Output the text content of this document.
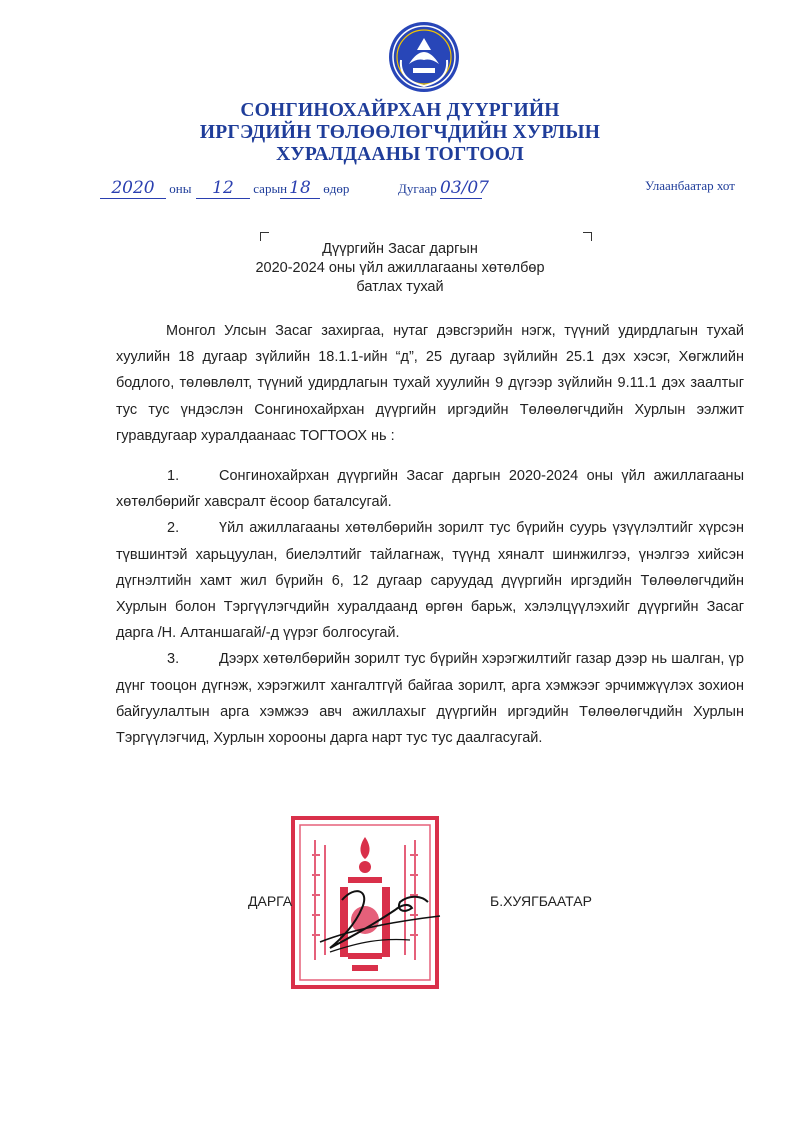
СОНГИНОХАЙРХАН ДҮҮРГИЙН
ИРГЭДИЙН ТӨЛӨӨЛӨГЧДИЙН ХУРЛЫН
ХУРАЛДААНЫ ТОГТООЛ
2020 оны	12 сарын 18 өдөр	Дугаар 03/07	Улаанбаатар хот
Дүүргийн Засаг даргын
2020-2024 оны үйл ажиллагааны хөтөлбөр
батлах тухай

Монгол Улсын Засаг захиргаа, нутаг дэвсгэрийн нэгж, түүний удирдлагын тухай хуулийн 18 дугаар зүйлийн 18.1.1-ийн “д”, 25 дугаар зүйлийн 25.1 дэх хэсэг, Хөгжлийн бодлого, төлөвлөлт, түүний удирдлагын тухай хуулийн 9 дүгээр зүйлийн 9.11.1 дэх заалтыг тус тус үндэслэн Сонгинохайрхан дүүргийн иргэдийн Төлөөлөгчдийн Хурлын ээлжит гуравдугаар хуралдаанаас ТОГТООХ нь :

1.	Сонгинохайрхан дүүргийн Засаг даргын 2020-2024 оны үйл ажиллагааны хөтөлбөрийг хавсралт ёсоор баталсугай.

2.	Үйл ажиллагааны хөтөлбөрийн зорилт тус бүрийн суурь үзүүлэлтийг хүрсэн түвшинтэй харьцуулан, биелэлтийг тайлагнаж, түүнд хяналт шинжилгээ, үнэлгээ хийсэн дүгнэлтийн хамт жил бүрийн 6, 12 дугаар саруудад дүүргийн иргэдийн Төлөөлөгчдийн Хурлын болон Тэргүүлэгчдийн хуралдаанд өргөн барьж, хэлэлцүүлэхийг дүүргийн Засаг дарга /Н. Алтаншагай/-д үүрэг болгосугай.

3.	Дээрх хөтөлбөрийн зорилт тус бүрийн хэрэгжилтийг газар дээр нь шалган, үр дүнг тооцон дүгнэж, хэрэгжилт хангалтгүй байгаа зорилт, арга хэмжээг эрчимжүүлэх зохион байгуулалтын арга хэмжээ авч ажиллахыг дүүргийн иргэдийн Төлөөлөгчдийн Хурлын Тэргүүлэгчид, Хурлын хорооны дарга нарт тус тус даалгасугай.

ДАРГА	Б.ХУЯГБААТАР
